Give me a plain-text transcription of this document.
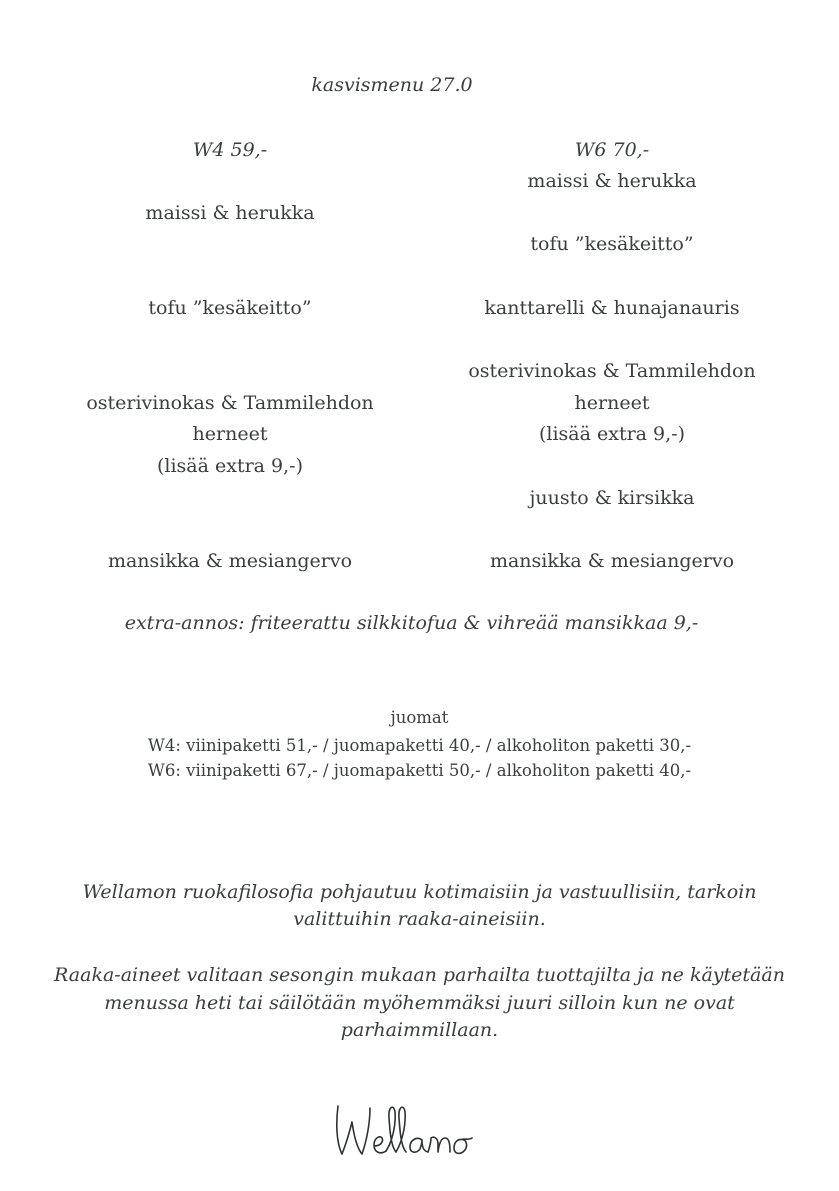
kasvismenu 27.0
W4 59,-
maissi & herukka
tofu ”kesäkeitto”
osterivinokas & Tammilehdon
herneet
(lisää extra 9,-)
mansikka & mesiangervo
W6 70,-
maissi & herukka
tofu ”kesäkeitto”
kanttarelli & hunajanauris
osterivinokas & Tammilehdon
herneet
(lisää extra 9,-)
juusto & kirsikka
mansikka & mesiangervo
extra-annos: friteerattu silkkitofua & vihreää mansikkaa 9,-
juomat
W4: viinipaketti 51,- / juomapaketti 40,- / alkoholiton paketti 30,-
W6: viinipaketti 67,- / juomapaketti 50,- / alkoholiton paketti 40,-
Wellamon ruokafilosofia pohjautuu kotimaisiin ja vastuullisiin, tarkoin
valittuihin raaka-aineisiin.
Raaka-aineet valitaan sesongin mukaan parhailta tuottajilta ja ne käytetään
menussa heti tai säilötään myöhemmäksi juuri silloin kun ne ovat
parhaimmillaan.
